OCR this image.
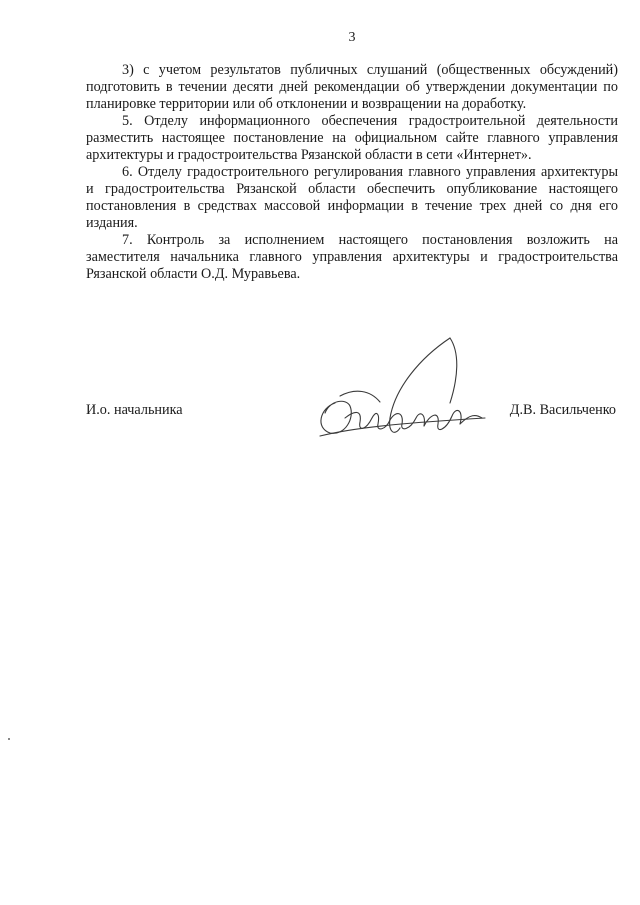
3

3) с учетом результатов публичных слушаний (общественных обсуждений) подготовить в течении десяти дней рекомендации об утверждении документации по планировке территории или об отклонении и возвращении на доработку.

5. Отделу информационного обеспечения градостроительной деятельности разместить настоящее постановление на официальном сайте главного управления архитектуры и градостроительства Рязанской области в сети «Интернет».

6. Отделу градостроительного регулирования главного управления архитектуры и градостроительства Рязанской области обеспечить опубликование настоящего постановления в средствах массовой информации в течение трех дней со дня его издания.

7. Контроль за исполнением настоящего постановления возложить на заместителя начальника главного управления архитектуры и градостроительства Рязанской области О.Д. Муравьева.

И.о. начальника	Д.В. Васильченко
